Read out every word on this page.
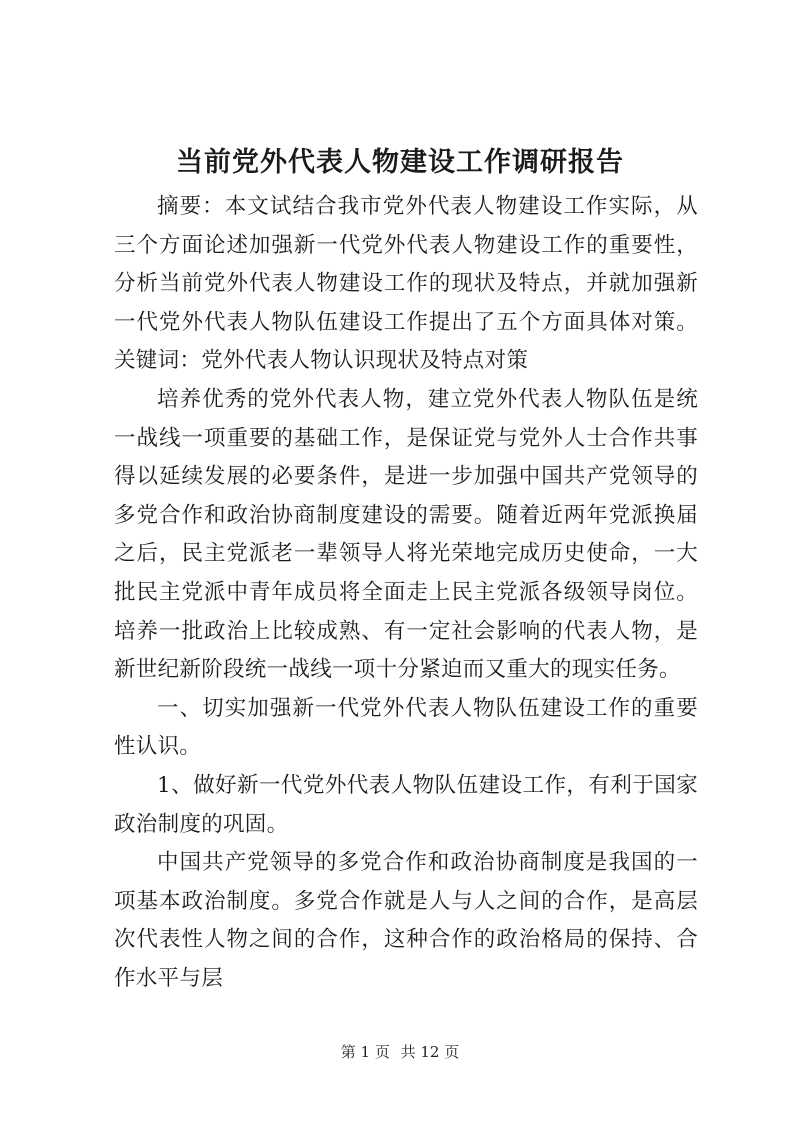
当前党外代表人物建设工作调研报告

摘要：本文试结合我市党外代表人物建设工作实际，从三个方面论述加强新一代党外代表人物建设工作的重要性，分析当前党外代表人物建设工作的现状及特点，并就加强新一代党外代表人物队伍建设工作提出了五个方面具体对策。关键词：党外代表人物认识现状及特点对策

培养优秀的党外代表人物，建立党外代表人物队伍是统一战线一项重要的基础工作，是保证党与党外人士合作共事得以延续发展的必要条件，是进一步加强中国共产党领导的多党合作和政治协商制度建设的需要。随着近两年党派换届之后，民主党派老一辈领导人将光荣地完成历史使命，一大批民主党派中青年成员将全面走上民主党派各级领导岗位。培养一批政治上比较成熟、有一定社会影响的代表人物，是新世纪新阶段统一战线一项十分紧迫而又重大的现实任务。

一、切实加强新一代党外代表人物队伍建设工作的重要性认识。

1、做好新一代党外代表人物队伍建设工作，有利于国家政治制度的巩固。

中国共产党领导的多党合作和政治协商制度是我国的一项基本政治制度。多党合作就是人与人之间的合作，是高层次代表性人物之间的合作，这种合作的政治格局的保持、合作水平与层

第 1 页 共 12 页
